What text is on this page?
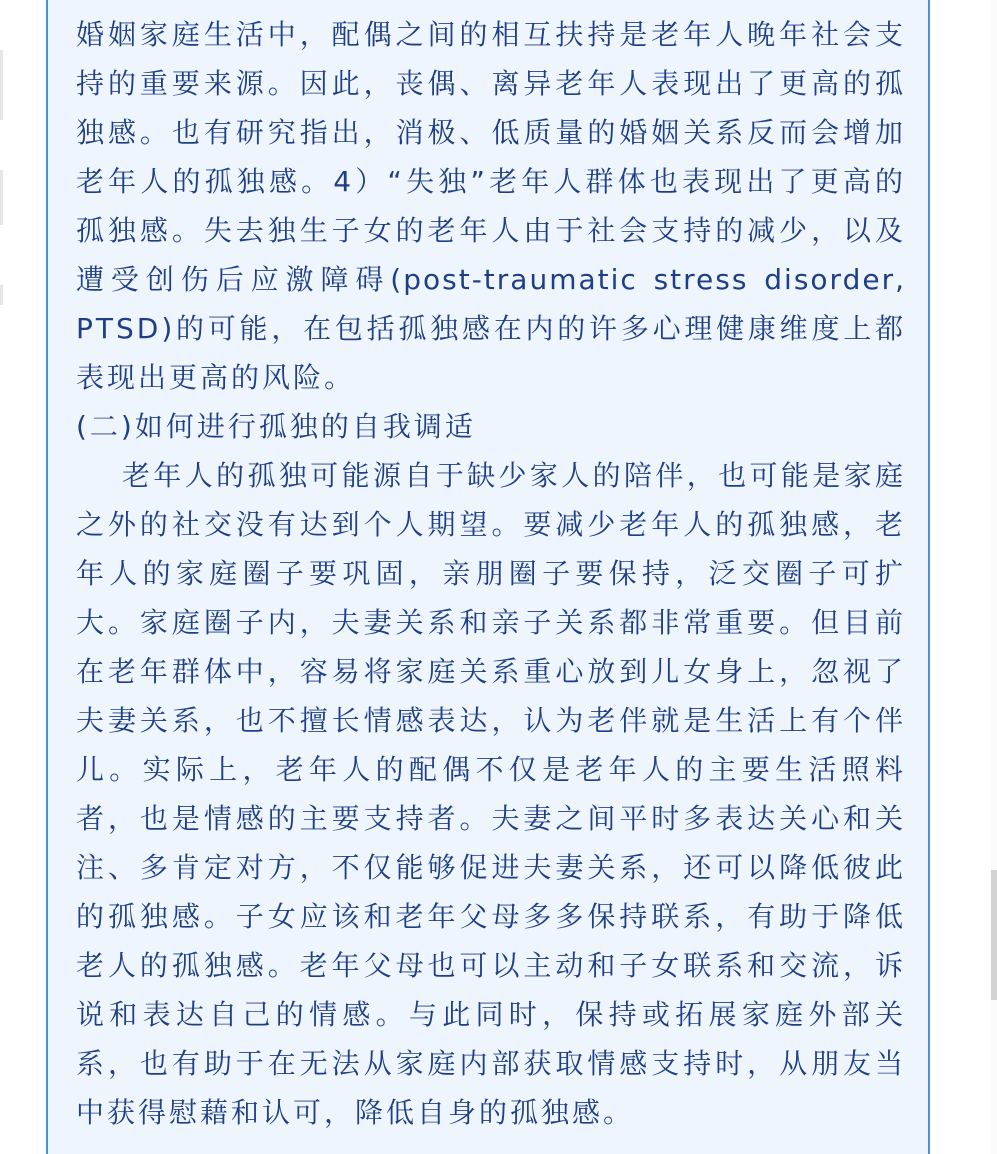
婚姻家庭生活中，配偶之间的相互扶持是老年人晚年社会支
持的重要来源。因此，丧偶、离异老年人表现出了更高的孤
独感。也有研究指出，消极、低质量的婚姻关系反而会增加
老年人的孤独感。4）“失独”老年人群体也表现出了更高的
孤独感。失去独生子女的老年人由于社会支持的减少，以及
遭受创伤后应激障碍(post-traumatic stress disorder,
PTSD)的可能，在包括孤独感在内的许多心理健康维度上都
表现出更高的风险。
(二)如何进行孤独的自我调适
老年人的孤独可能源自于缺少家人的陪伴，也可能是家庭
之外的社交没有达到个人期望。要减少老年人的孤独感，老
年人的家庭圈子要巩固，亲朋圈子要保持，泛交圈子可扩
大。家庭圈子内，夫妻关系和亲子关系都非常重要。但目前
在老年群体中，容易将家庭关系重心放到儿女身上，忽视了
夫妻关系，也不擅长情感表达，认为老伴就是生活上有个伴
儿。实际上，老年人的配偶不仅是老年人的主要生活照料
者，也是情感的主要支持者。夫妻之间平时多表达关心和关
注、多肯定对方，不仅能够促进夫妻关系，还可以降低彼此
的孤独感。子女应该和老年父母多多保持联系，有助于降低
老人的孤独感。老年父母也可以主动和子女联系和交流，诉
说和表达自己的情感。与此同时，保持或拓展家庭外部关
系，也有助于在无法从家庭内部获取情感支持时，从朋友当
中获得慰藉和认可，降低自身的孤独感。
